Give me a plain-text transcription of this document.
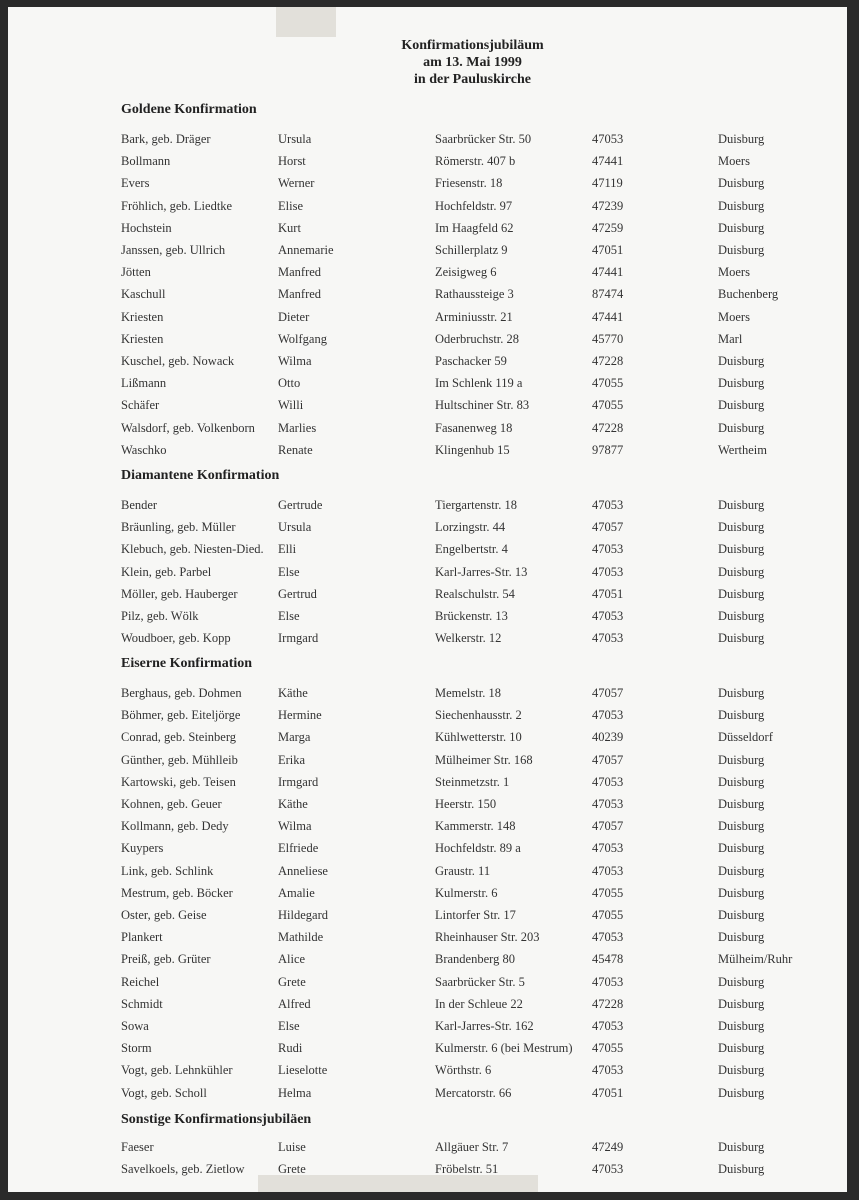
Konfirmationsjubiläum
am 13. Mai 1999
in der Pauluskirche
Goldene Konfirmation
Bark, geb. Dräger	Ursula	Saarbrücker Str. 50	47053	Duisburg
Bollmann	Horst	Römerstr. 407 b	47441	Moers
Evers	Werner	Friesenstr. 18	47119	Duisburg
Fröhlich, geb. Liedtke	Elise	Hochfeldstr. 97	47239	Duisburg
Hochstein	Kurt	Im Haagfeld 62	47259	Duisburg
Janssen, geb. Ullrich	Annemarie	Schillerplatz 9	47051	Duisburg
Jötten	Manfred	Zeisigweg 6	47441	Moers
Kaschull	Manfred	Rathaussteige 3	87474	Buchenberg
Kriesten	Dieter	Arminiusstr. 21	47441	Moers
Kriesten	Wolfgang	Oderbruchstr. 28	45770	Marl
Kuschel, geb. Nowack	Wilma	Paschacker 59	47228	Duisburg
Lißmann	Otto	Im Schlenk 119 a	47055	Duisburg
Schäfer	Willi	Hultschiner Str. 83	47055	Duisburg
Walsdorf, geb. Volkenborn	Marlies	Fasanenweg 18	47228	Duisburg
Waschko	Renate	Klingenhub 15	97877	Wertheim
Diamantene Konfirmation
Bender	Gertrude	Tiergartenstr. 18	47053	Duisburg
Bräunling, geb. Müller	Ursula	Lorzingstr. 44	47057	Duisburg
Klebuch, geb. Niesten-Died.	Elli	Engelbertstr. 4	47053	Duisburg
Klein, geb. Parbel	Else	Karl-Jarres-Str. 13	47053	Duisburg
Möller, geb. Hauberger	Gertrud	Realschulstr. 54	47051	Duisburg
Pilz, geb. Wölk	Else	Brückenstr. 13	47053	Duisburg
Woudboer, geb. Kopp	Irmgard	Welkerstr. 12	47053	Duisburg
Eiserne Konfirmation
Berghaus, geb. Dohmen	Käthe	Memelstr. 18	47057	Duisburg
Böhmer, geb. Eiteljörge	Hermine	Siechenhausstr. 2	47053	Duisburg
Conrad, geb. Steinberg	Marga	Kühlwetterstr. 10	40239	Düsseldorf
Günther, geb. Mühlleib	Erika	Mülheimer Str. 168	47057	Duisburg
Kartowski, geb. Teisen	Irmgard	Steinmetzstr. 1	47053	Duisburg
Kohnen, geb. Geuer	Käthe	Heerstr. 150	47053	Duisburg
Kollmann, geb. Dedy	Wilma	Kammerstr. 148	47057	Duisburg
Kuypers	Elfriede	Hochfeldstr. 89 a	47053	Duisburg
Link, geb. Schlink	Anneliese	Graustr. 11	47053	Duisburg
Mestrum, geb. Böcker	Amalie	Kulmerstr. 6	47055	Duisburg
Oster, geb. Geise	Hildegard	Lintorfer Str. 17	47055	Duisburg
Plankert	Mathilde	Rheinhauser Str. 203	47053	Duisburg
Preiß, geb. Grüter	Alice	Brandenberg 80	45478	Mülheim/Ruhr
Reichel	Grete	Saarbrücker Str. 5	47053	Duisburg
Schmidt	Alfred	In der Schleue 22	47228	Duisburg
Sowa	Else	Karl-Jarres-Str. 162	47053	Duisburg
Storm	Rudi	Kulmerstr. 6 (bei Mestrum)	47055	Duisburg
Vogt, geb. Lehnkühler	Lieselotte	Wörthstr. 6	47053	Duisburg
Vogt, geb. Scholl	Helma	Mercatorstr. 66	47051	Duisburg
Sonstige Konfirmationsjubiläen
Faeser	Luise	Allgäuer Str. 7	47249	Duisburg
Savelkoels, geb. Zietlow	Grete	Fröbelstr. 51	47053	Duisburg
